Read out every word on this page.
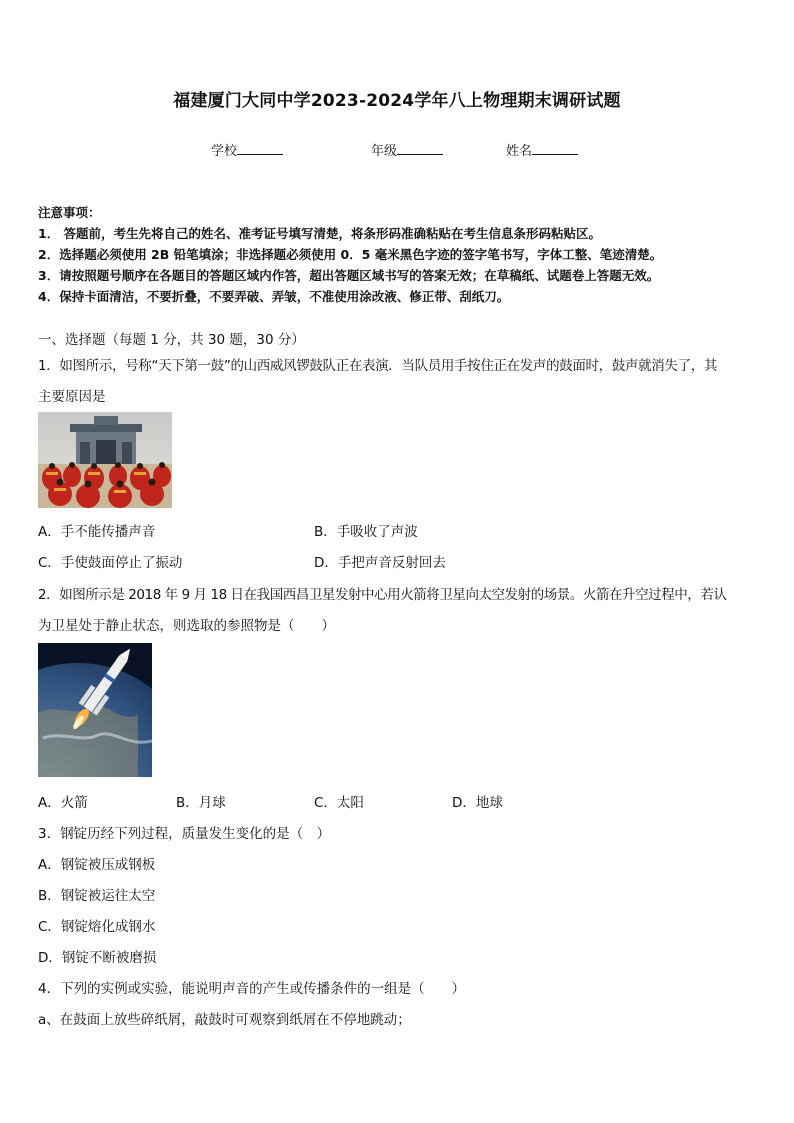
福建厦门大同中学2023-2024学年八上物理期末调研试题
学校	年级	姓名
注意事项：
1． 答题前，考生先将自己的姓名、准考证号填写清楚，将条形码准确粘贴在考生信息条形码粘贴区。
2．选择题必须使用 2B 铅笔填涂；非选择题必须使用 0．5 毫米黑色字迹的签字笔书写，字体工整、笔迹清楚。
3．请按照题号顺序在各题目的答题区域内作答，超出答题区域书写的答案无效；在草稿纸、试题卷上答题无效。
4．保持卡面清洁，不要折叠，不要弄破、弄皱，不准使用涂改液、修正带、刮纸刀。
一、选择题（每题 1 分，共 30 题，30 分）
1．如图所示，号称“天下第一鼓”的山西威风锣鼓队正在表演．当队员用手按住正在发声的鼓面时，鼓声就消失了，其
主要原因是
A．手不能传播声音	B．手吸收了声波
C．手使鼓面停止了振动	D．手把声音反射回去
2．如图所示是 2018 年 9 月 18 日在我国西昌卫星发射中心用火箭将卫星向太空发射的场景。火箭在升空过程中，若认
为卫星处于静止状态，则选取的参照物是（　　）
A．火箭	B．月球	C．太阳	D．地球
3．钢锭历经下列过程，质量发生变化的是（　）
A．钢锭被压成钢板
B．钢锭被运往太空
C．钢锭熔化成钢水
D．钢锭不断被磨损
4．下列的实例或实验，能说明声音的产生或传播条件的一组是（　　）
a、在鼓面上放些碎纸屑，敲鼓时可观察到纸屑在不停地跳动；
